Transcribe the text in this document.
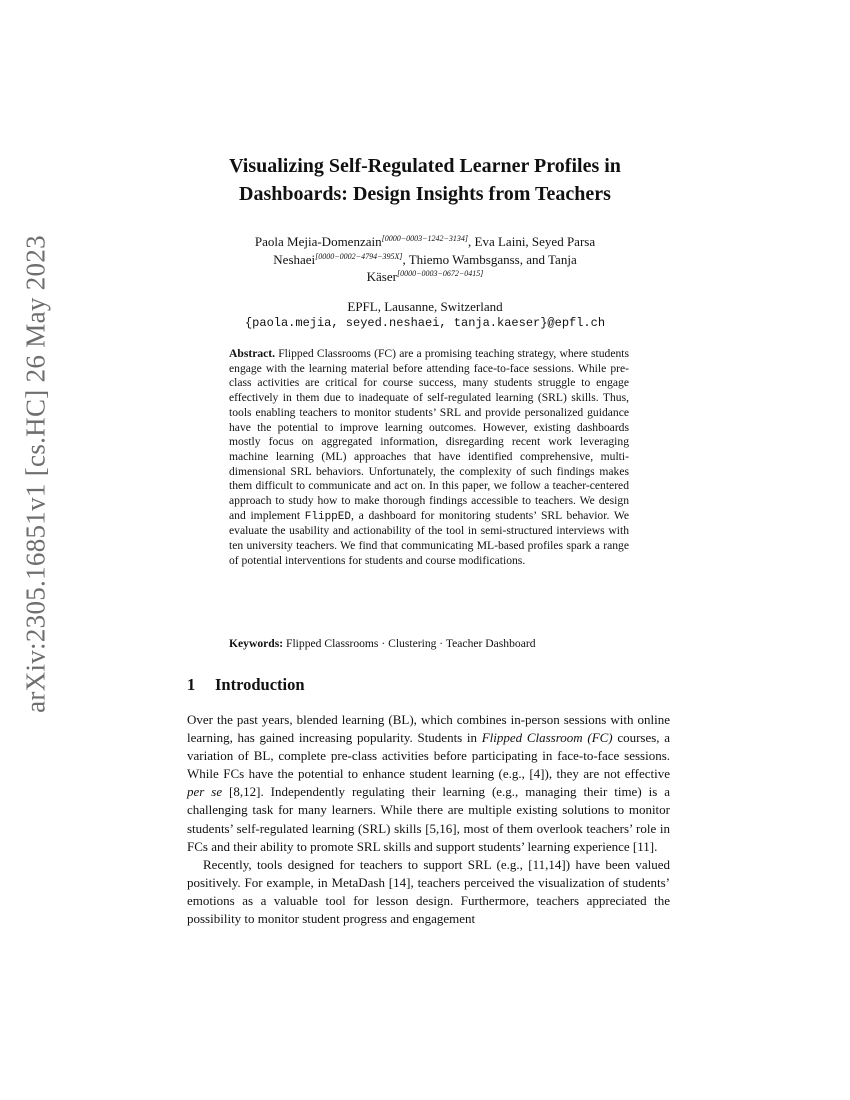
arXiv:2305.16851v1 [cs.HC] 26 May 2023
Visualizing Self-Regulated Learner Profiles in
Dashboards: Design Insights from Teachers
Paola Mejia-Domenzain[0000−0003−1242−3134], Eva Laini, Seyed Parsa
Neshaei[0000−0002−4794−395X], Thiemo Wambsganss, and Tanja
Käser[0000−0003−0672−0415]
EPFL, Lausanne, Switzerland
{paola.mejia, seyed.neshaei, tanja.kaeser}@epfl.ch

Abstract. Flipped Classrooms (FC) are a promising teaching strategy, where students engage with the learning material before attending face-to-face sessions. While pre-class activities are critical for course success, many students struggle to engage effectively in them due to inadequate of self-regulated learning (SRL) skills. Thus, tools enabling teachers to monitor students’ SRL and provide personalized guidance have the potential to improve learning outcomes. However, existing dashboards mostly focus on aggregated information, disregarding recent work leveraging machine learning (ML) approaches that have identified comprehensive, multi-dimensional SRL behaviors. Unfortunately, the complexity of such findings makes them difficult to communicate and act on. In this paper, we follow a teacher-centered approach to study how to make thorough findings accessible to teachers. We design and implement FlippED, a dashboard for monitoring students’ SRL behavior. We evaluate the usability and actionability of the tool in semi-structured interviews with ten university teachers. We find that communicating ML-based profiles spark a range of potential interventions for students and course modifications.

Keywords: Flipped Classrooms · Clustering · Teacher Dashboard

1 Introduction

Over the past years, blended learning (BL), which combines in-person sessions with online learning, has gained increasing popularity. Students in Flipped Classroom (FC) courses, a variation of BL, complete pre-class activities before participating in face-to-face sessions. While FCs have the potential to enhance student learning (e.g., [4]), they are not effective per se [8,12]. Independently regulating their learning (e.g., managing their time) is a challenging task for many learners. While there are multiple existing solutions to monitor students’ self-regulated learning (SRL) skills [5,16], most of them overlook teachers’ role in FCs and their ability to promote SRL skills and support students’ learning experience [11].

Recently, tools designed for teachers to support SRL (e.g., [11,14]) have been valued positively. For example, in MetaDash [14], teachers perceived the visualization of students’ emotions as a valuable tool for lesson design. Furthermore, teachers appreciated the possibility to monitor student progress and engagement
